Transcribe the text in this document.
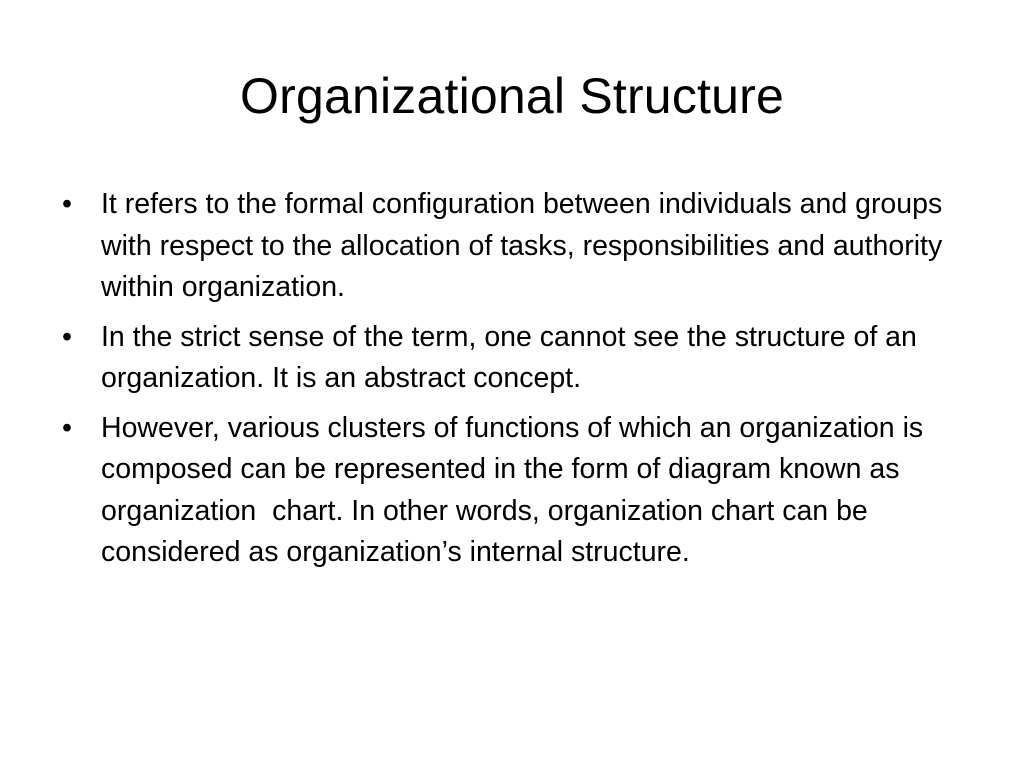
Organizational Structure
•	It refers to the formal configuration between individuals and groups with respect to the allocation of tasks, responsibilities and authority within organization.
•	In the strict sense of the term, one cannot see the structure of an organization. It is an abstract concept.
•	However, various clusters of functions of which an organization is composed can be represented in the form of diagram known as organization  chart. In other words, organization chart can be considered as organization’s internal structure.
